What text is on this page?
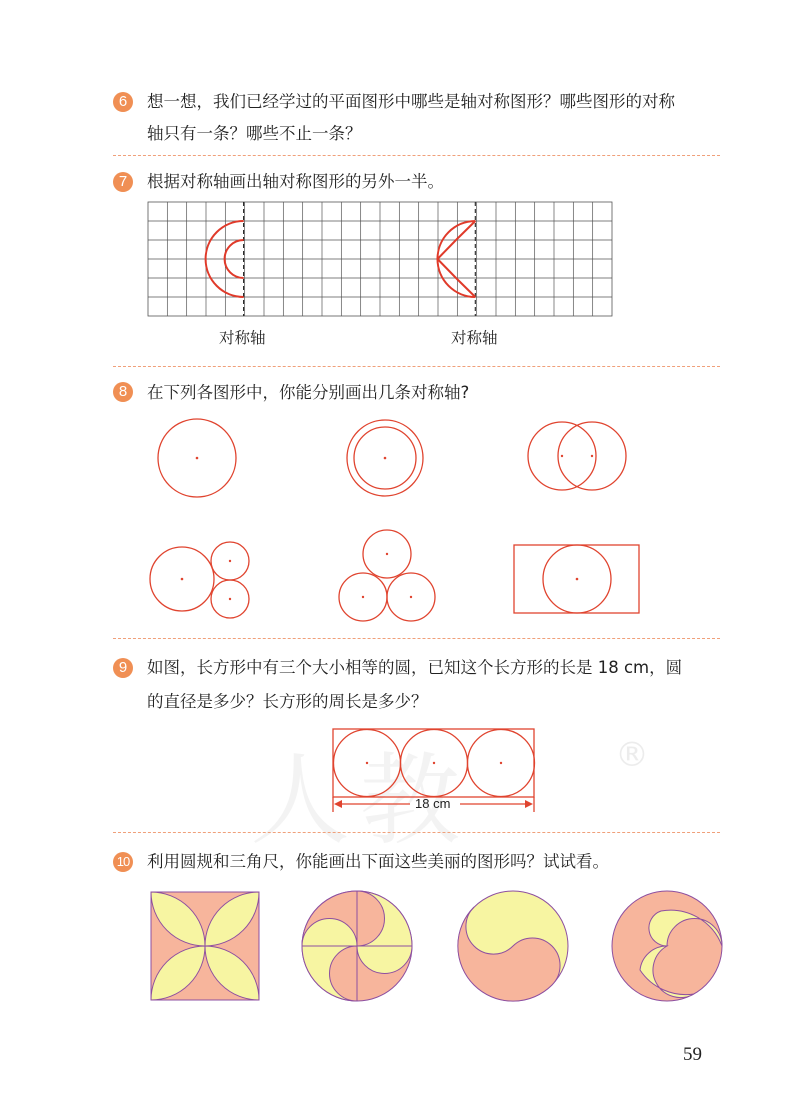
®
6	想一想，我们已经学过的平面图形中哪些是轴对称图形？哪些图形的对称
轴只有一条？哪些不止一条？
7	根据对称轴画出轴对称图形的另外一半。
对称轴	对称轴
8	在下列各图形中，你能分别画出几条对称轴?
9	如图，长方形中有三个大小相等的圆，已知这个长方形的长是 18 cm，圆
的直径是多少？长方形的周长是多少？
18 cm
10 利用圆规和三角尺，你能画出下面这些美丽的图形吗？试试看。
59
